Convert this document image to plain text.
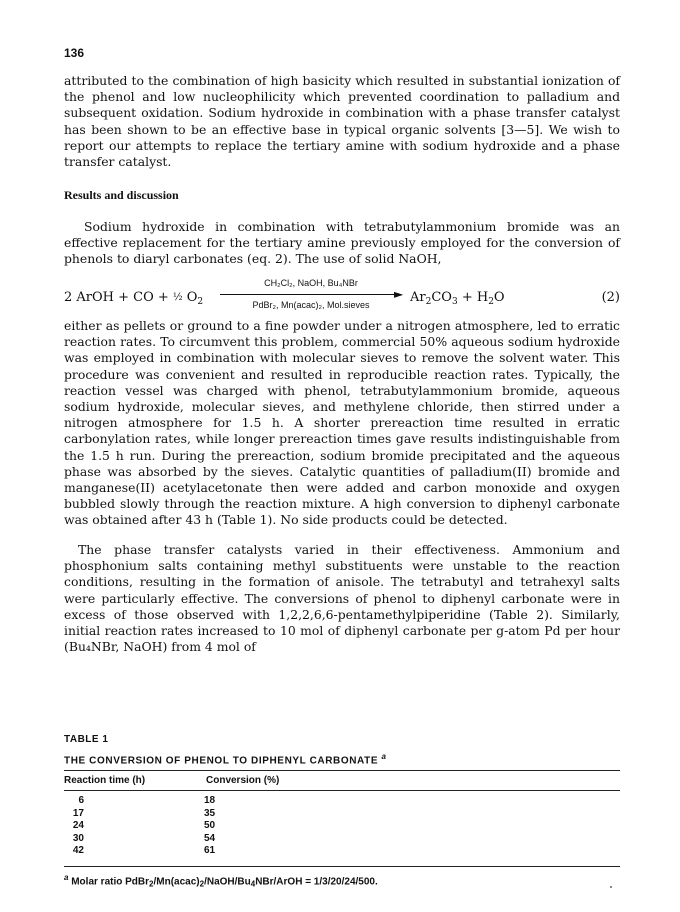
136
attributed to the combination of high basicity which resulted in substantial ionization of the phenol and low nucleophilicity which prevented coordination to palladium and subsequent oxidation. Sodium hydroxide in combination with a phase transfer catalyst has been shown to be an effective base in typical organic solvents [3—5]. We wish to report our attempts to replace the tertiary amine with sodium hydroxide and a phase transfer catalyst.
Results and discussion
Sodium hydroxide in combination with tetrabutylammonium bromide was an effective replacement for the tertiary amine previously employed for the conversion of phenols to diaryl carbonates (eq. 2). The use of solid NaOH,
2 ArOH + CO + ½ $O_2$
CH₂Cl₂, NaOH, Bu₄NBr
►
PdBr₂, Mn(acac)₂, Mol.sieves	$Ar_2CO_3 + H_2O$	(2)
either as pellets or ground to a fine powder under a nitrogen atmosphere, led to erratic reaction rates. To circumvent this problem, commercial 50% aqueous sodium hydroxide was employed in combination with molecular sieves to remove the solvent water. This procedure was convenient and resulted in reproducible reaction rates. Typically, the reaction vessel was charged with phenol, tetrabutylammonium bromide, aqueous sodium hydroxide, molecular sieves, and methylene chloride, then stirred under a nitrogen atmosphere for 1.5 h. A shorter prereaction time resulted in erratic carbonylation rates, while longer prereaction times gave results indistinguishable from the 1.5 h run. During the prereaction, sodium bromide precipitated and the aqueous phase was absorbed by the sieves. Catalytic quantities of palladium(II) bromide and manganese(II) acetylacetonate then were added and carbon monoxide and oxygen bubbled slowly through the reaction mixture. A high conversion to diphenyl carbonate was obtained after 43 h (Table 1). No side products could be detected.
The phase transfer catalysts varied in their effectiveness. Ammonium and phosphonium salts containing methyl substituents were unstable to the reaction conditions, resulting in the formation of anisole. The tetrabutyl and tetrahexyl salts were particularly effective. The conversions of phenol to diphenyl carbonate were in excess of those observed with 1,2,2,6,6-pentamethylpiperidine (Table 2). Similarly, initial reaction rates increased to 10 mol of diphenyl carbonate per g-atom Pd per hour (Bu₄NBr, NaOH) from 4 mol of
TABLE 1
THE CONVERSION OF PHENOL TO DIPHENYL CARBONATE $^a$
Reaction time (h)	Conversion (%)
6	18
17	35
24	50
30	54
42	61
$^a$ Molar ratio $PdBr_2/Mn(acac)_2/NaOH/Bu_4NBr$/ArOH = 1/3/20/24/500.
